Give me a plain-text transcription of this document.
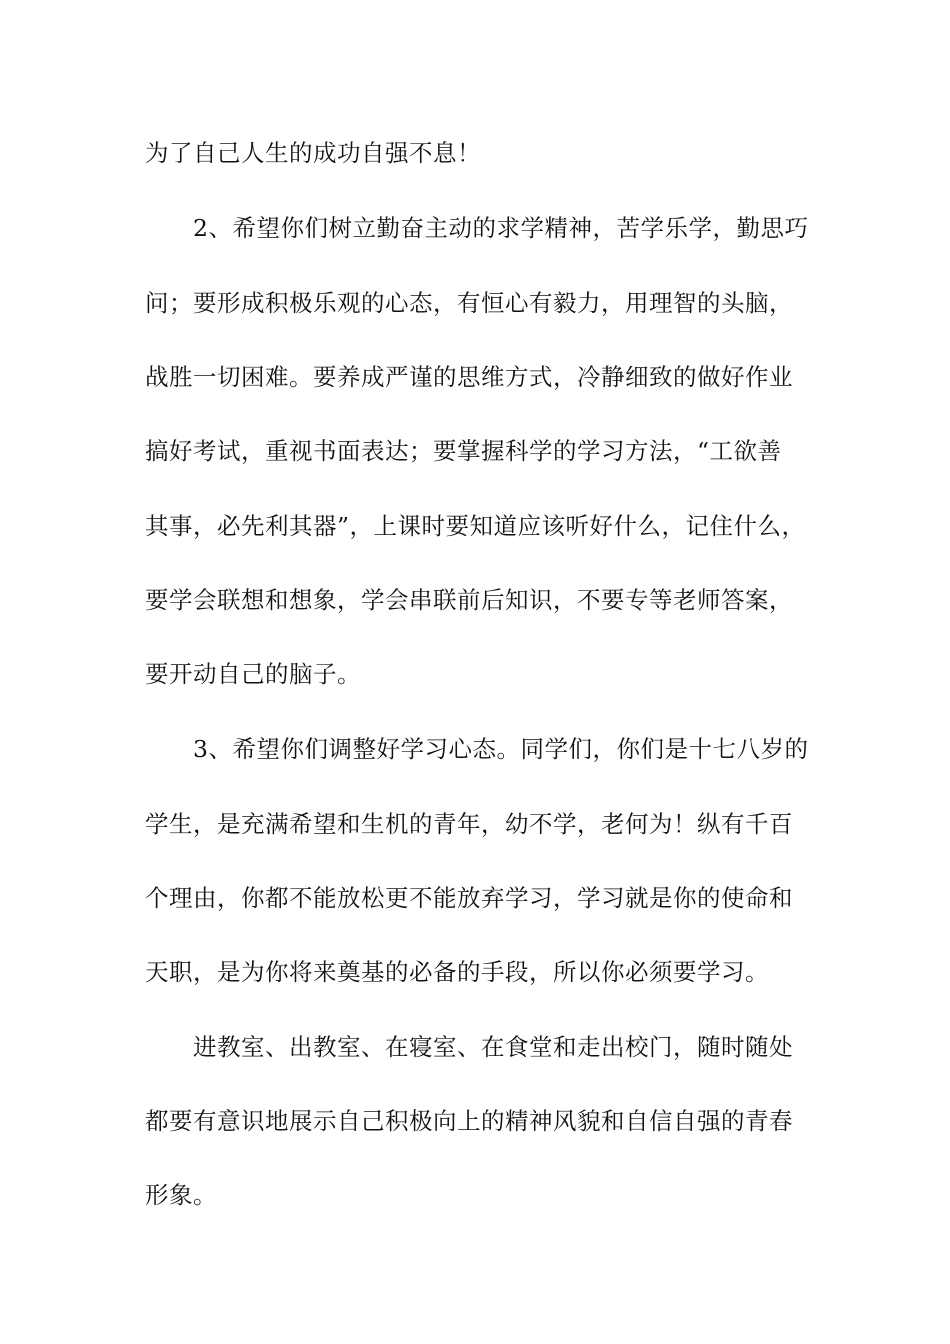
为了自己人生的成功自强不息！

2、希望你们树立勤奋主动的求学精神，苦学乐学，勤思巧

问；要形成积极乐观的心态，有恒心有毅力，用理智的头脑，

战胜一切困难。要养成严谨的思维方式，冷静细致的做好作业

搞好考试，重视书面表达；要掌握科学的学习方法，“工欲善

其事，必先利其器”，上课时要知道应该听好什么，记住什么，

要学会联想和想象，学会串联前后知识，不要专等老师答案，

要开动自己的脑子。

3、希望你们调整好学习心态。同学们，你们是十七八岁的

学生，是充满希望和生机的青年，幼不学，老何为！纵有千百

个理由，你都不能放松更不能放弃学习，学习就是你的使命和

天职，是为你将来奠基的必备的手段，所以你必须要学习。

进教室、出教室、在寝室、在食堂和走出校门，随时随处

都要有意识地展示自己积极向上的精神风貌和自信自强的青春

形象。
